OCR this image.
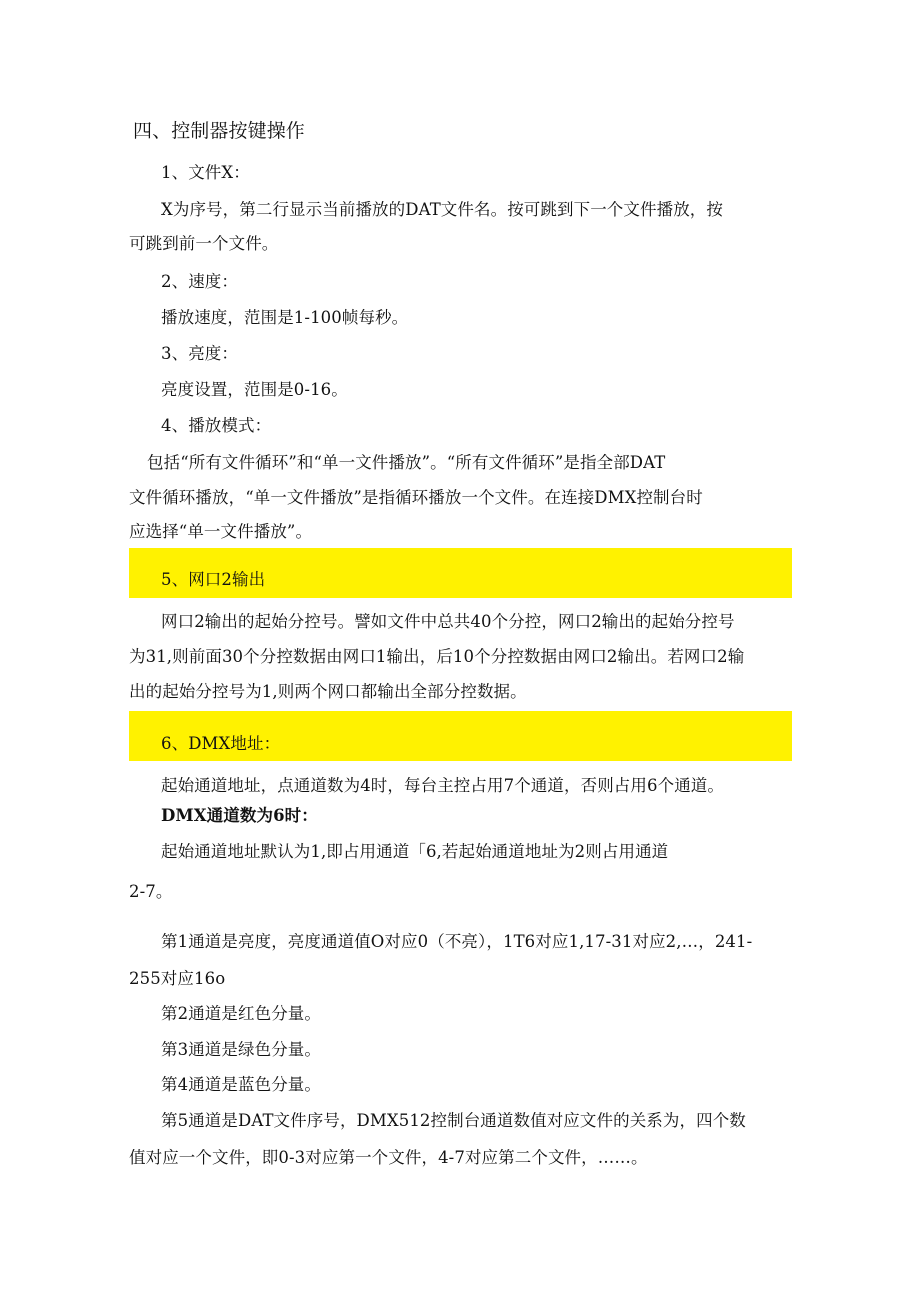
四、控制器按键操作
1、文件X：
X为序号，第二行显示当前播放的DAT文件名。按可跳到下一个文件播放，按
可跳到前一个文件。
2、速度：
播放速度，范围是1-100帧每秒。
3、亮度：
亮度设置，范围是0-16。
4、播放模式：
包括“所有文件循环”和“单一文件播放”。“所有文件循环”是指全部DAT
文件循环播放，“单一文件播放”是指循环播放一个文件。在连接DMX控制台时
应选择“单一文件播放”。
5、网口2输出
网口2输出的起始分控号。譬如文件中总共40个分控，网口2输出的起始分控号
为31,则前面30个分控数据由网口1输出，后10个分控数据由网口2输出。若网口2输
出的起始分控号为1,则两个网口都输出全部分控数据。
6、DMX地址：
起始通道地址，点通道数为4时，每台主控占用7个通道，否则占用6个通道。
DMX通道数为6时：
起始通道地址默认为1,即占用通道「6,若起始通道地址为2则占用通道
2-7。
第1通道是亮度，亮度通道值O对应0（不亮），1T6对应1,17-31对应2,…，241-
255对应16o
第2通道是红色分量。
第3通道是绿色分量。
第4通道是蓝色分量。
第5通道是DAT文件序号，DMX512控制台通道数值对应文件的关系为，四个数
值对应一个文件，即0-3对应第一个文件，4-7对应第二个文件，……。
